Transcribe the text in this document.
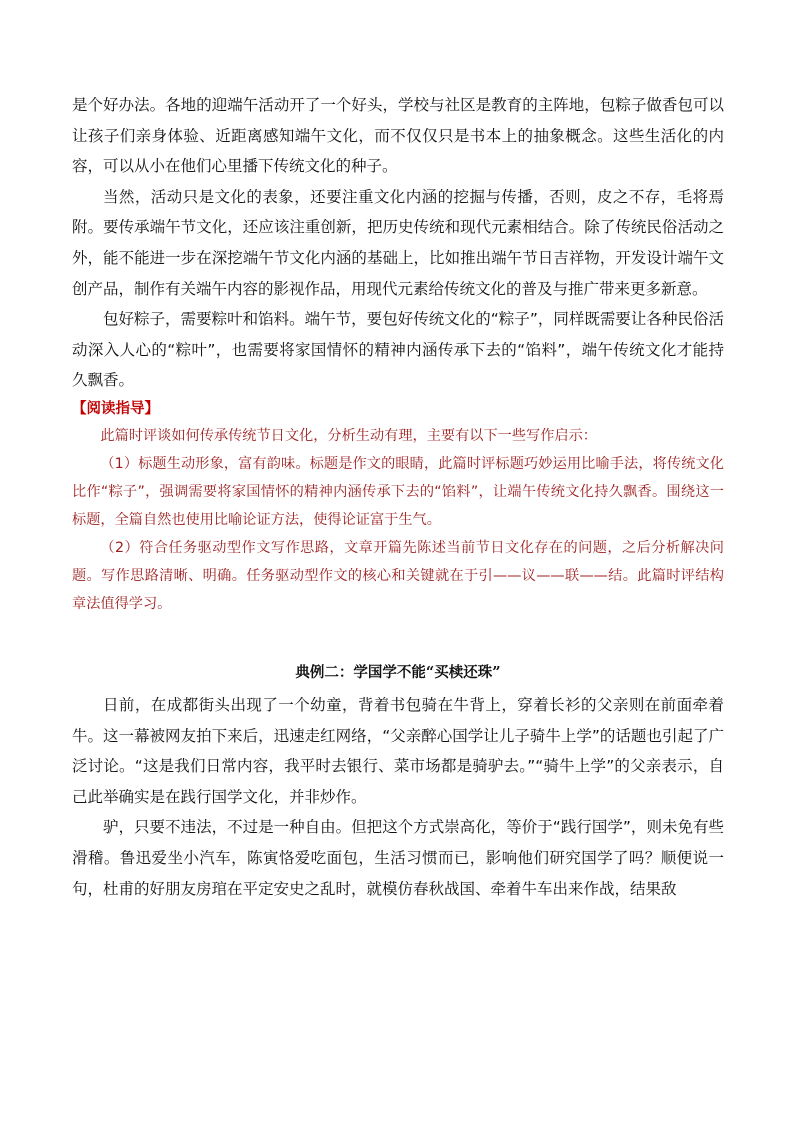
是个好办法。各地的迎端午活动开了一个好头，学校与社区是教育的主阵地，包粽子做香包可以让孩子们亲身体验、近距离感知端午文化，而不仅仅只是书本上的抽象概念。这些生活化的内容，可以从小在他们心里播下传统文化的种子。

当然，活动只是文化的表象，还要注重文化内涵的挖掘与传播，否则，皮之不存，毛将焉附。要传承端午节文化，还应该注重创新，把历史传统和现代元素相结合。除了传统民俗活动之外，能不能进一步在深挖端午节文化内涵的基础上，比如推出端午节日吉祥物，开发设计端午文创产品，制作有关端午内容的影视作品，用现代元素给传统文化的普及与推广带来更多新意。

包好粽子，需要粽叶和馅料。端午节，要包好传统文化的“粽子”，同样既需要让各种民俗活动深入人心的“粽叶”，也需要将家国情怀的精神内涵传承下去的“馅料”，端午传统文化才能持久飘香。

【阅读指导】

此篇时评谈如何传承传统节日文化，分析生动有理，主要有以下一些写作启示：

（1）标题生动形象，富有韵味。标题是作文的眼睛，此篇时评标题巧妙运用比喻手法，将传统文化比作“粽子”，强调需要将家国情怀的精神内涵传承下去的“馅料”，让端午传统文化持久飘香。围绕这一标题，全篇自然也使用比喻论证方法，使得论证富于生气。

（2）符合任务驱动型作文写作思路，文章开篇先陈述当前节日文化存在的问题，之后分析解决问题。写作思路清晰、明确。任务驱动型作文的核心和关键就在于引——议——联——结。此篇时评结构章法值得学习。

典例二：学国学不能“买椟还珠”

日前，在成都街头出现了一个幼童，背着书包骑在牛背上，穿着长衫的父亲则在前面牵着牛。这一幕被网友拍下来后，迅速走红网络，“父亲醉心国学让儿子骑牛上学”的话题也引起了广泛讨论。“这是我们日常内容，我平时去银行、菜市场都是骑驴去。”“骑牛上学”的父亲表示，自己此举确实是在践行国学文化，并非炒作。

驴，只要不违法，不过是一种自由。但把这个方式崇高化，等价于“践行国学”，则未免有些滑稽。鲁迅爱坐小汽车，陈寅恪爱吃面包，生活习惯而已，影响他们研究国学了吗？顺便说一句，杜甫的好朋友房琯在平定安史之乱时，就模仿春秋战国、牵着牛车出来作战，结果敌
